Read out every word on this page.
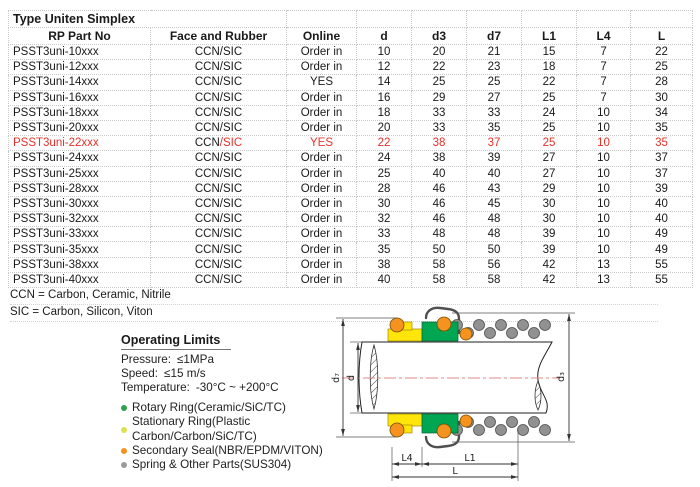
Type Uniten Simplex								
RP Part No	Face and Rubber	Online	d	d3	d7	L1	L4	L
PSST3uni-10xxx	CCN/SIC	Order in	10	20	21	15	7	22
PSST3uni-12xxx	CCN/SIC	Order in	12	22	23	18	7	25
PSST3uni-14xxx	CCN/SIC	YES	14	25	25	22	7	28
PSST3uni-16xxx	CCN/SIC	Order in	16	29	27	25	7	30
PSST3uni-18xxx	CCN/SIC	Order in	18	33	33	24	10	34
PSST3uni-20xxx	CCN/SIC	Order in	20	33	35	25	10	35
PSST3uni-22xxx	CCN/SIC	YES	22	38	37	25	10	35
PSST3uni-24xxx	CCN/SIC	Order in	24	38	39	27	10	37
PSST3uni-25xxx	CCN/SIC	Order in	25	40	40	27	10	37
PSST3uni-28xxx	CCN/SIC	Order in	28	46	43	29	10	39
PSST3uni-30xxx	CCN/SIC	Order in	30	46	45	30	10	40
PSST3uni-32xxx	CCN/SIC	Order in	32	46	48	30	10	40
PSST3uni-33xxx	CCN/SIC	Order in	33	48	48	39	10	49
PSST3uni-35xxx	CCN/SIC	Order in	35	50	50	39	10	49
PSST3uni-38xxx	CCN/SIC	Order in	38	58	56	42	13	55
PSST3uni-40xxx	CCN/SIC	Order in	40	58	58	42	13	55
CCN = Carbon, Ceramic, Nitrile
SIC = Carbon, Silicon, Viton
Operating Limits
Pressure: ≤1MPa
Speed: ≤15 m/s
Temperature: -30°C ~ +200°C
Rotary Ring(Ceramic/SiC/TC)
Stationary Ring(Plastic Carbon/Carbon/SiC/TC)
Secondary Seal(NBR/EPDM/VITON)
Spring & Other Parts(SUS304)
d₇ d	d₃
L4	L1
L
